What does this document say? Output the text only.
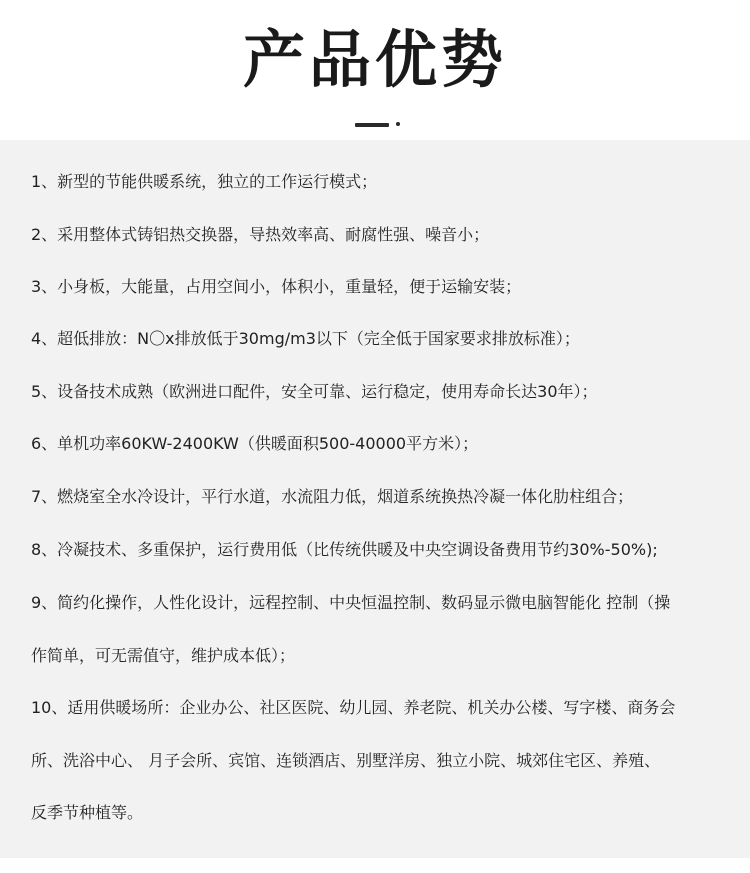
产品优势
1、新型的节能供暖系统，独立的工作运行模式；
2、采用整体式铸铝热交换器，导热效率高、耐腐性强、噪音小；
3、小身板，大能量，占用空间小，体积小，重量轻，便于运输安装；
4、超低排放：N〇x排放低于30mg/m3以下（完全低于国家要求排放标准）；
5、设备技术成熟（欧洲进口配件，安全可靠、运行稳定，使用寿命长达30年）；
6、单机功率60KW-2400KW（供暖面积500-40000平方米）；
7、燃烧室全水冷设计，平行水道，水流阻力低，烟道系统换热冷凝一体化肋柱组合；
8、冷凝技术、多重保护，运行费用低（比传统供暖及中央空调设备费用节约30%-50%);
9、简约化操作，人性化设计，远程控制、中央恒温控制、数码显示微电脑智能化 控制（操
作简单，可无需值守，维护成本低）；
10、适用供暖场所：企业办公、社区医院、幼儿园、养老院、机关办公楼、写字楼、商务会
所、洗浴中心、 月子会所、宾馆、连锁酒店、别墅洋房、独立小院、城郊住宅区、养殖、
反季节种植等。
